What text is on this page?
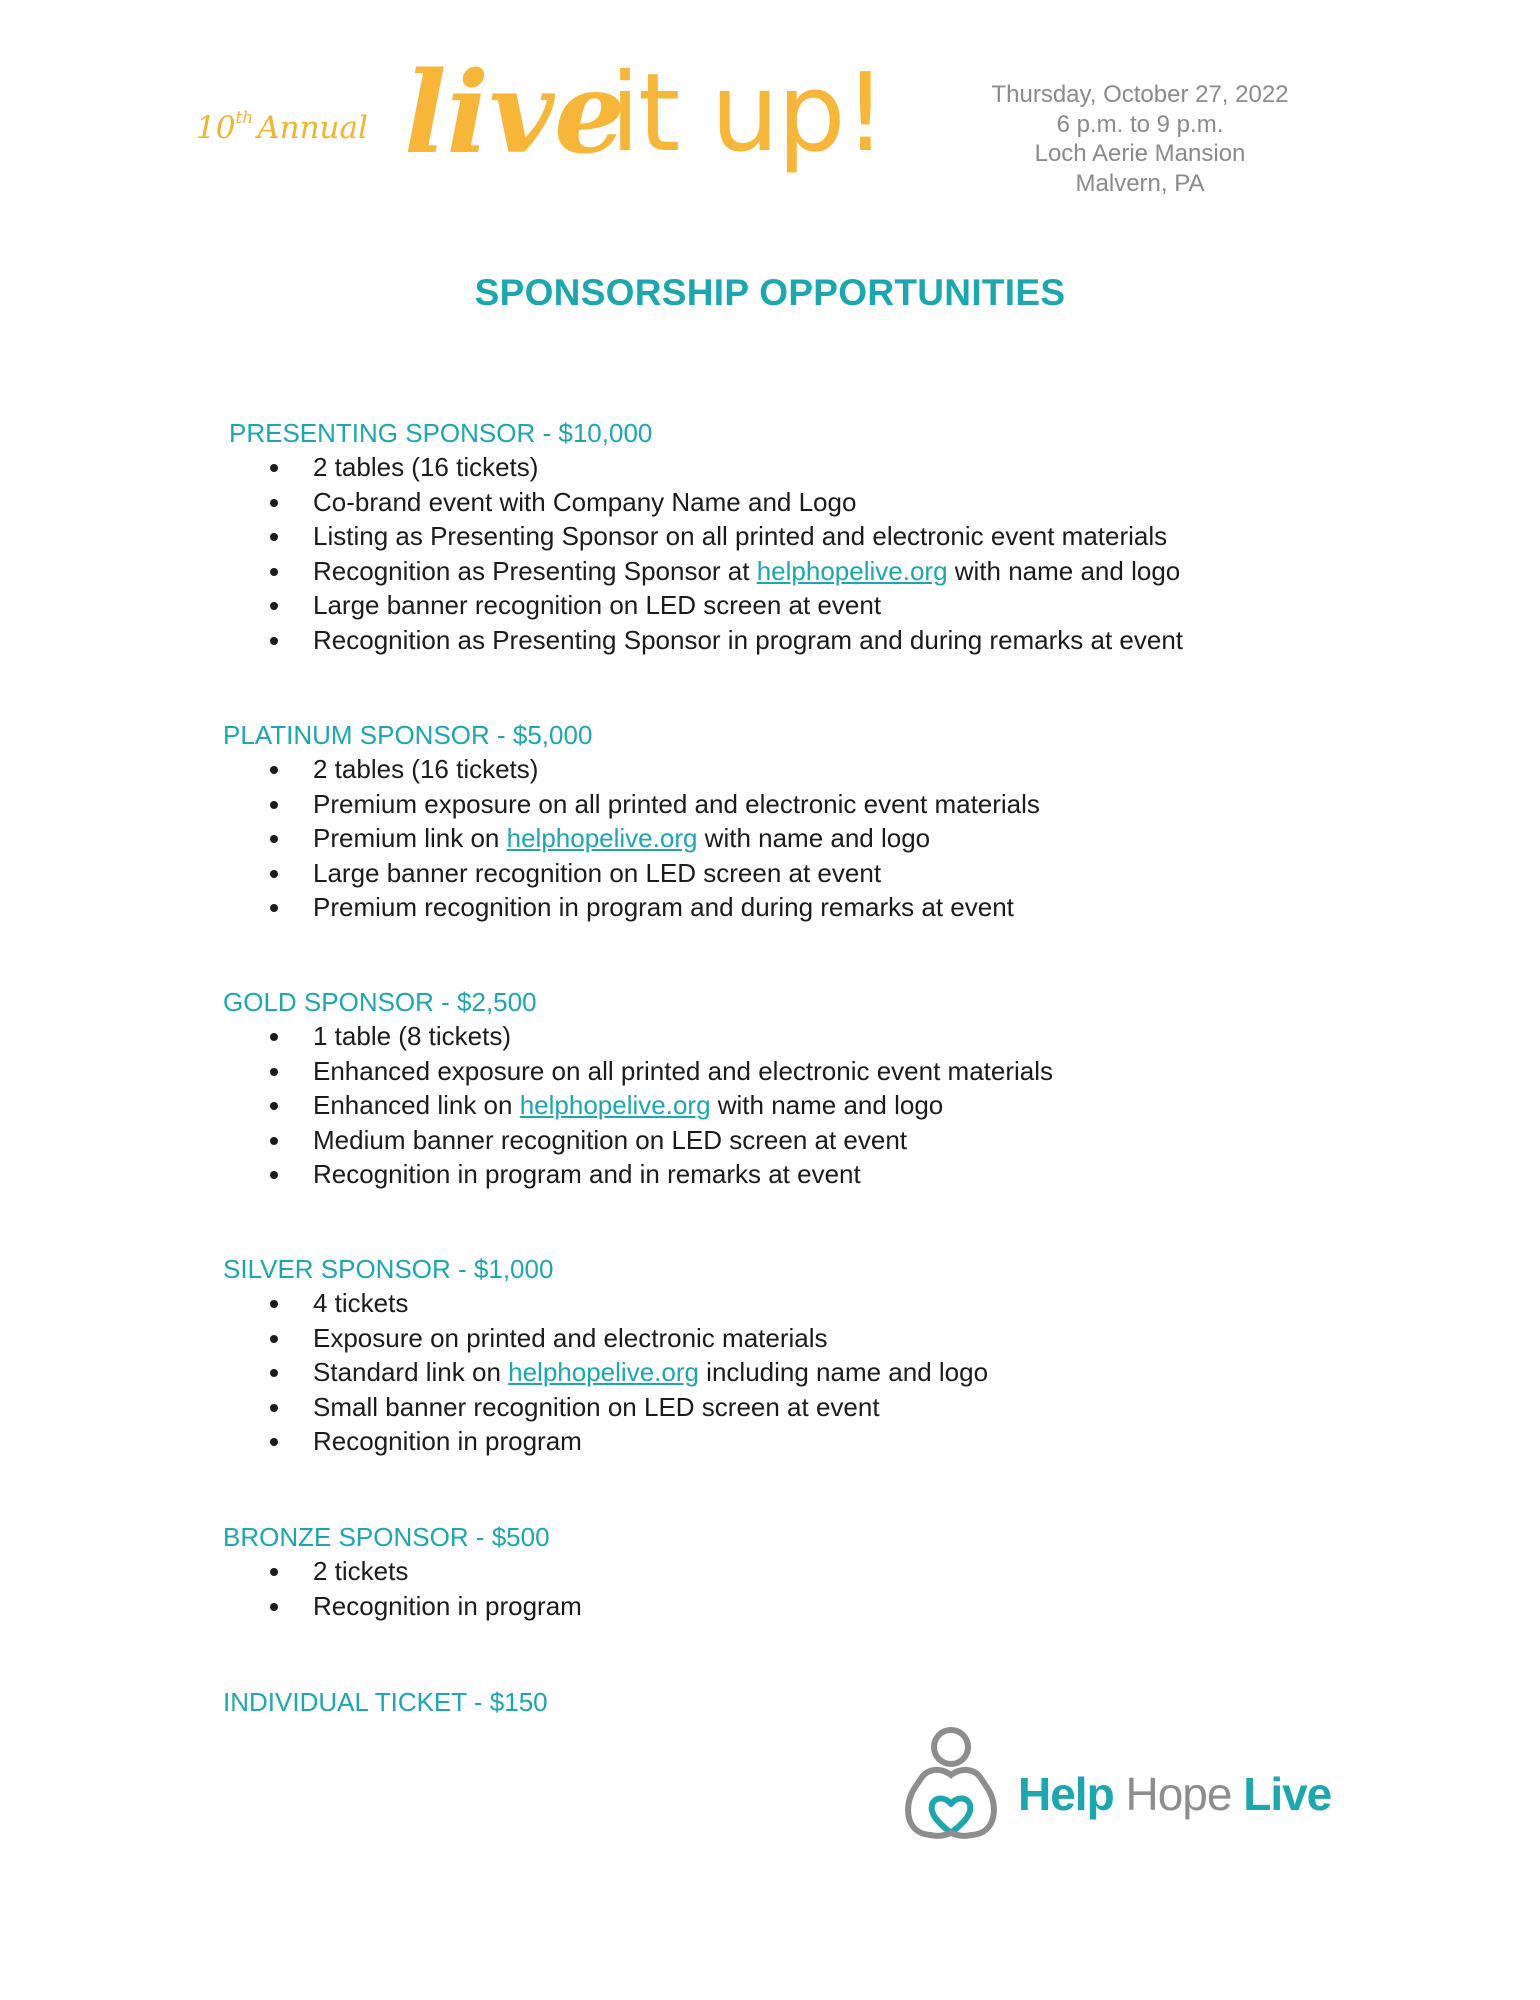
10th Annual live
it up!	Thursday, October 27, 2022
6 p.m. to 9 p.m.
Loch Aerie Mansion
Malvern, PA
SPONSORSHIP OPPORTUNITIES
PRESENTING SPONSOR - $10,000
2 tables (16 tickets)
Co-brand event with Company Name and Logo
Listing as Presenting Sponsor on all printed and electronic event materials
Recognition as Presenting Sponsor at helphopelive.org with name and logo
Large banner recognition on LED screen at event
Recognition as Presenting Sponsor in program and during remarks at event
PLATINUM SPONSOR - $5,000
2 tables (16 tickets)
Premium exposure on all printed and electronic event materials
Premium link on helphopelive.org with name and logo
Large banner recognition on LED screen at event
Premium recognition in program and during remarks at event
GOLD SPONSOR - $2,500
1 table (8 tickets)
Enhanced exposure on all printed and electronic event materials
Enhanced link on helphopelive.org with name and logo
Medium banner recognition on LED screen at event
Recognition in program and in remarks at event
SILVER SPONSOR - $1,000
4 tickets
Exposure on printed and electronic materials
Standard link on helphopelive.org including name and logo
Small banner recognition on LED screen at event
Recognition in program
BRONZE SPONSOR - $500
2 tickets
Recognition in program
INDIVIDUAL TICKET - $150
Help Hope Live
